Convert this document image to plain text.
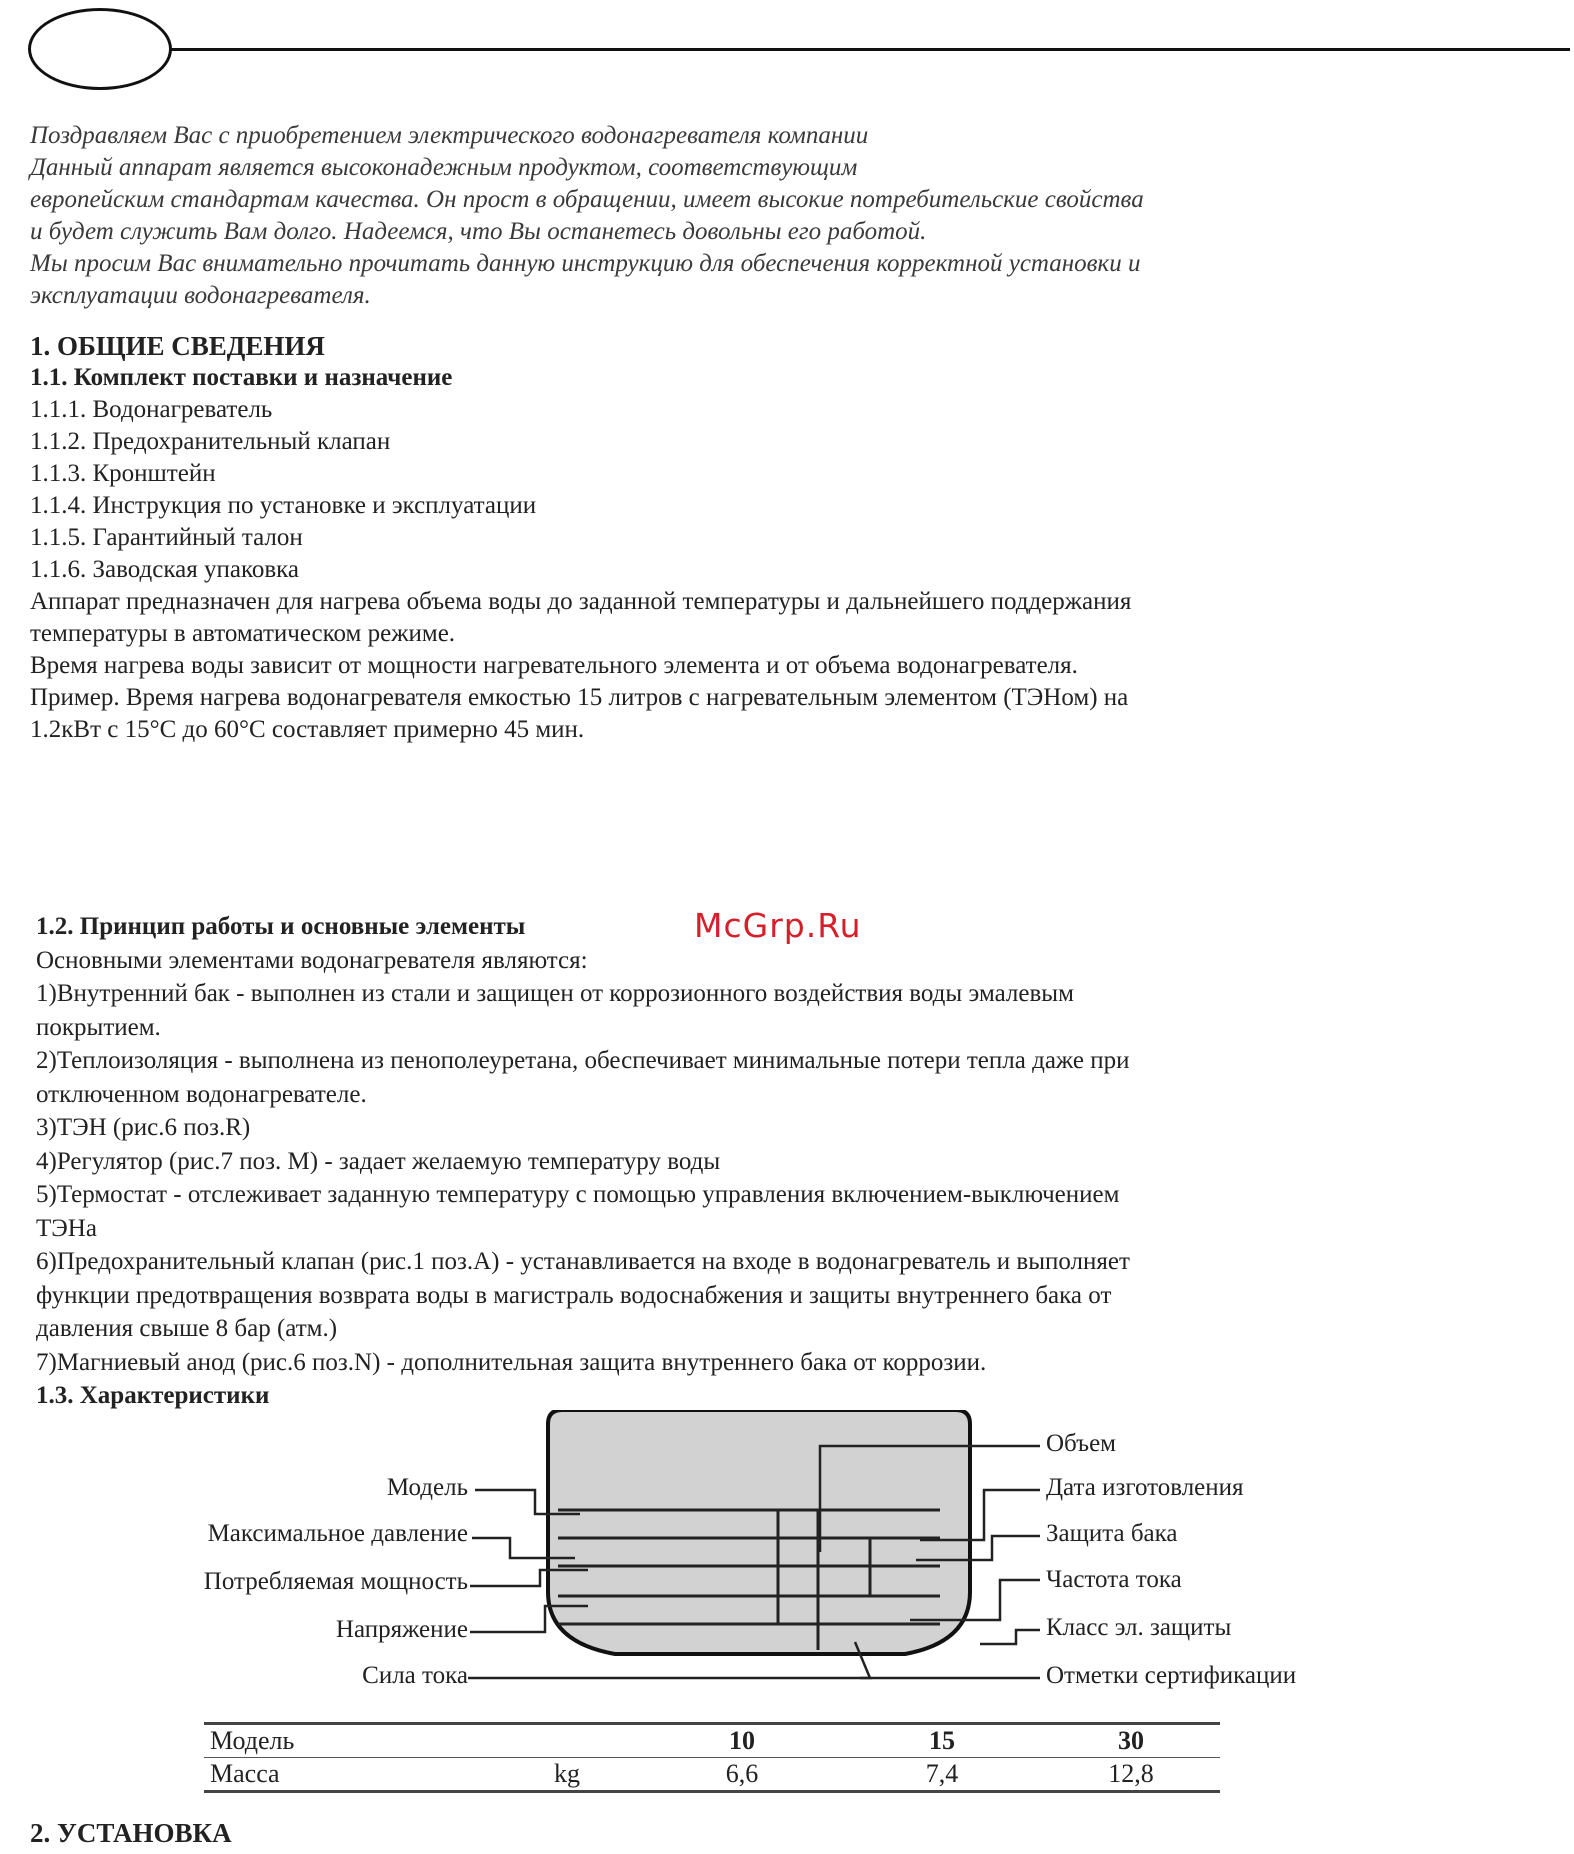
Поздравляем Вас с приобретением электрического водонагревателя компании
Данный аппарат является высоконадежным продуктом, соответствующим
европейским стандартам качества. Он прост в обращении, имеет высокие потребительские свойства
и будет служить Вам долго. Надеемся, что Вы останетесь довольны его работой.
Мы просим Вас внимательно прочитать данную инструкцию для обеспечения корректной установки и
эксплуатации водонагревателя.
1. ОБЩИЕ СВЕДЕНИЯ
1.1. Комплект поставки и назначение
1.1.1. Водонагреватель
1.1.2. Предохранительный клапан
1.1.3. Кронштейн
1.1.4. Инструкция по установке и эксплуатации
1.1.5. Гарантийный талон
1.1.6. Заводская упаковка
Аппарат предназначен для нагрева объема воды до заданной температуры и дальнейшего поддержания
температуры в автоматическом режиме.
Время нагрева воды зависит от мощности нагревательного элемента и от объема водонагревателя.
Пример. Время нагрева водонагревателя емкостью 15 литров с нагревательным элементом (ТЭНом) на
1.2кВт с 15°С до 60°С составляет примерно 45 мин.
1.2. Принцип работы и основные элементы
Основными элементами водонагревателя являются:
1)Внутренний бак - выполнен из стали и защищен от коррозионного воздействия воды эмалевым
покрытием.
2)Теплоизоляция - выполнена из пенополеуретана, обеспечивает минимальные потери тепла даже при
отключенном водонагревателе.
3)ТЭН (рис.6 поз.R)
4)Регулятор (рис.7 поз. M) - задает желаемую температуру воды
5)Термостат - отслеживает заданную температуру с помощью управления включением-выключением
ТЭНа
6)Предохранительный клапан (рис.1 поз.А) - устанавливается на входе в водонагреватель и выполняет
функции предотвращения возврата воды в магистраль водоснабжения и защиты внутреннего бака от
давления свыше 8 бар (атм.)
7)Магниевый анод (рис.6 поз.N) - дополнительная защита внутреннего бака от коррозии.
1.3. Характеристики
McGrp.Ru
Модель
Максимальное давление
Потребляемая мощность
Напряжение
Сила тока
Объем
Дата изготовления
Защита бака
Частота тока
Класс эл. защиты
Отметки сертификации
Модель		10	15	30
Масса	kg	6,6	7,4	12,8
2. УСТАНОВКА
